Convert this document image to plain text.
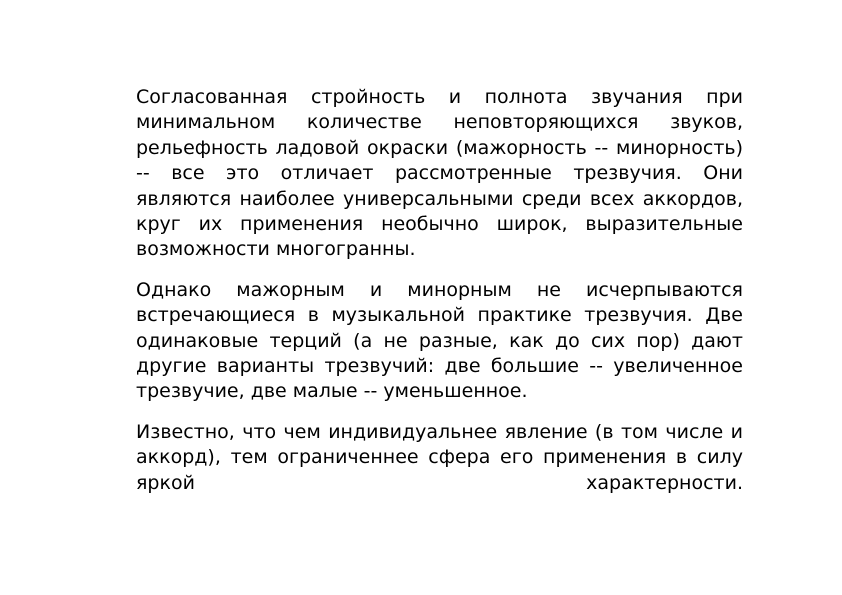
Согласованная стройность и полнота звучания при минимальном количестве неповторяющихся звуков, рельефность ладовой окраски (мажорность -- минорность) -- все это отличает рассмотренные трезвучия. Они являются наиболее универсальными среди всех аккордов, круг их применения необычно широк, выразительные возможности многогранны.

Однако мажорным и минорным не исчерпываются встречающиеся в музыкальной практике трезвучия. Две одинаковые терций (а не разные, как до сих пор) дают другие варианты трезвучий: две большие -- увеличенное трезвучие, две малые -- уменьшенное.

Известно, что чем индивидуальнее явление (в том числе и аккорд), тем ограниченнее сфера его применения в силу яркой характерности.
